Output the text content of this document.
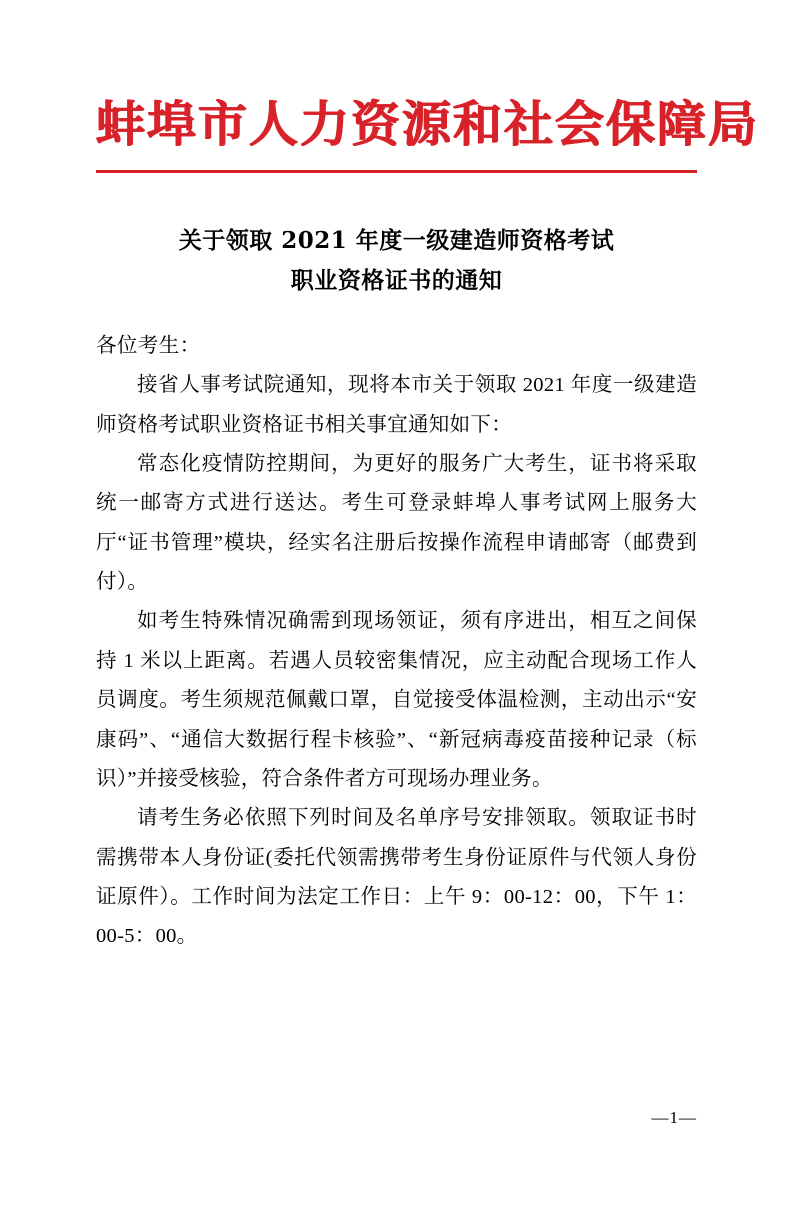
蚌埠市人力资源和社会保障局
关于领取 2021 年度一级建造师资格考试
职业资格证书的通知
各位考生：

接省人事考试院通知，现将本市关于领取 2021 年度一级建造师资格考试职业资格证书相关事宜通知如下：

常态化疫情防控期间，为更好的服务广大考生，证书将采取统一邮寄方式进行送达。考生可登录蚌埠人事考试网上服务大厅“证书管理”模块，经实名注册后按操作流程申请邮寄（邮费到付）。

如考生特殊情况确需到现场领证，须有序进出，相互之间保持 1 米以上距离。若遇人员较密集情况，应主动配合现场工作人员调度。考生须规范佩戴口罩，自觉接受体温检测，主动出示“安康码”、“通信大数据行程卡核验”、“新冠病毒疫苗接种记录（标识）”并接受核验，符合条件者方可现场办理业务。

请考生务必依照下列时间及名单序号安排领取。领取证书时需携带本人身份证(委托代领需携带考生身份证原件与代领人身份证原件）。工作时间为法定工作日：上午 9：00-12：00，下午 1：00-5：00。

—1—
